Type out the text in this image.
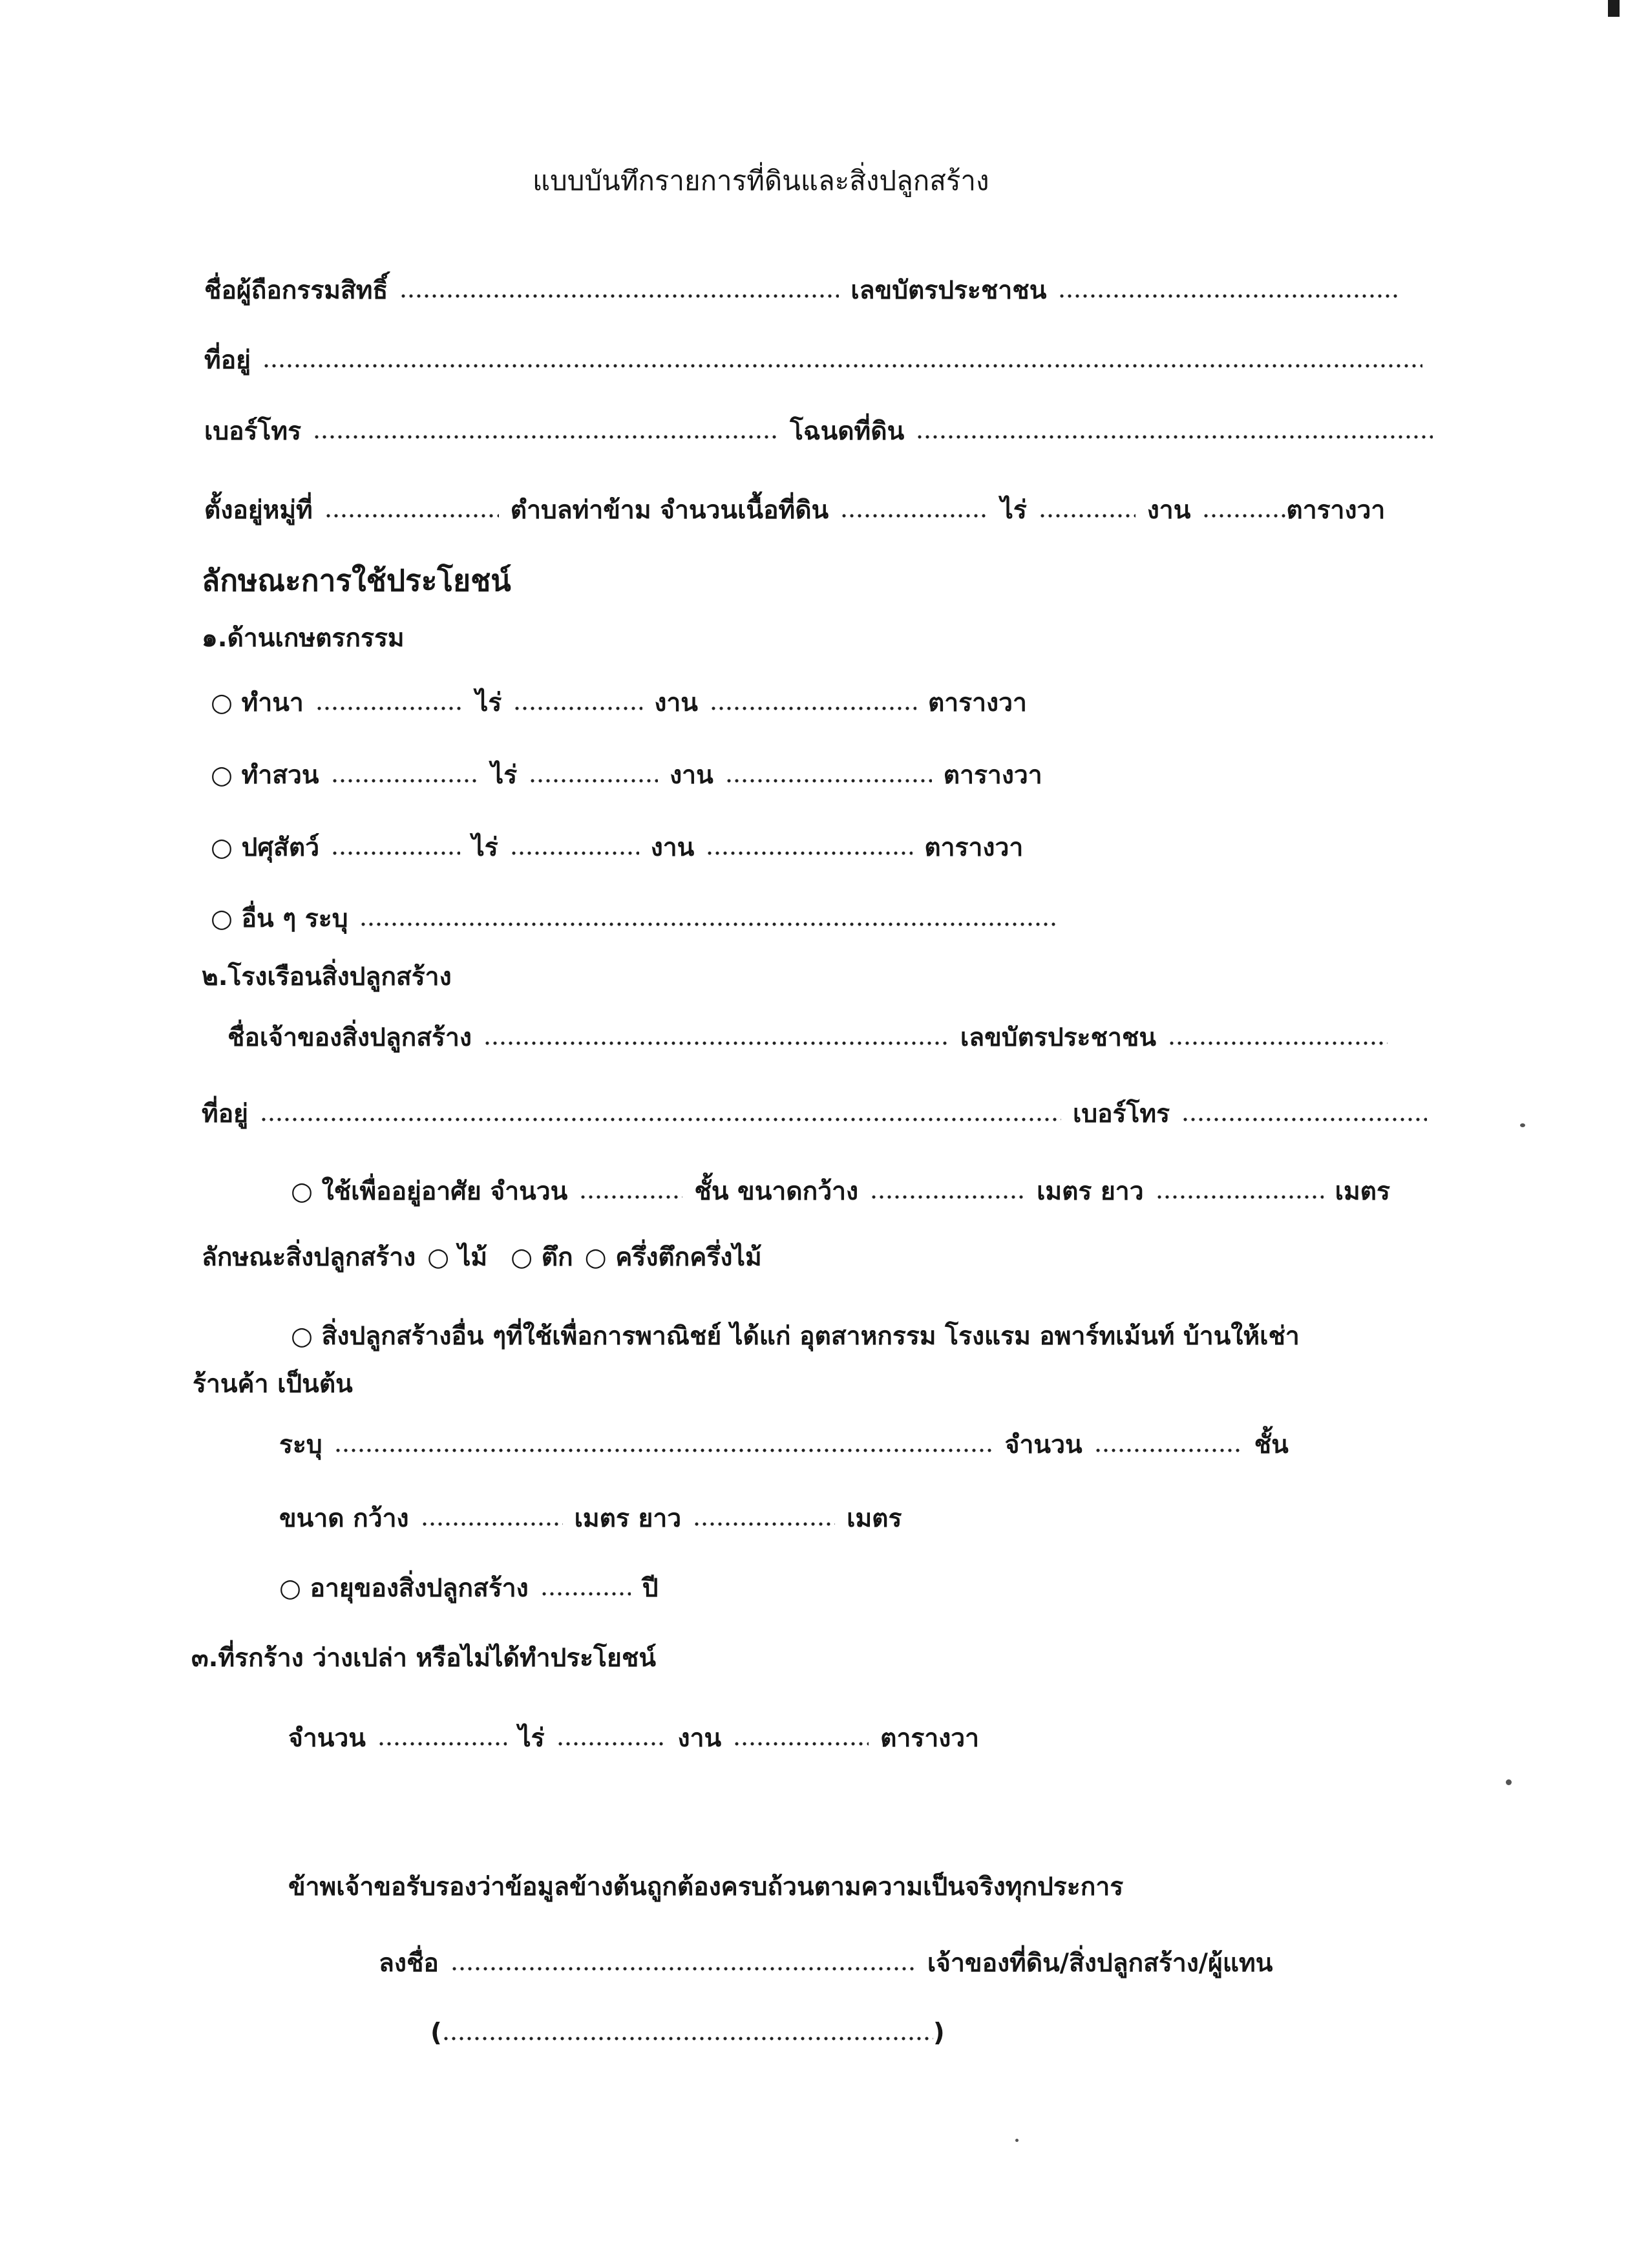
แบบบันทึกรายการที่ดินและสิ่งปลูกสร้าง
ชื่อผู้ถือกรรมสิทธิ์	เลขบัตรประชาชน
ที่อยู่
เบอร์โทร	โฉนดที่ดิน
ตั้งอยู่หมู่ที่	ตำบลท่าข้าม จำนวนเนื้อที่ดิน	ไร่	งาน	ตารางวา
ลักษณะการใช้ประโยชน์
๑.ด้านเกษตรกรรม
○ ทำนา	ไร่	งาน	ตารางวา
○ ทำสวน	ไร่	งาน	ตารางวา
○ ปศุสัตว์	ไร่	งาน	ตารางวา
○ อื่น ๆ ระบุ
๒.โรงเรือนสิ่งปลูกสร้าง
ชื่อเจ้าของสิ่งปลูกสร้าง	เลขบัตรประชาชน
ที่อยู่	เบอร์โทร
○ ใช้เพื่ออยู่อาศัย จำนวน	ชั้น ขนาดกว้าง	เมตร ยาว	เมตร
ลักษณะสิ่งปลูกสร้าง ○ ไม้ ○ ตึก ○ ครึ่งตึกครึ่งไม้
○ สิ่งปลูกสร้างอื่น ๆที่ใช้เพื่อการพาณิชย์ ได้แก่ อุตสาหกรรม โรงแรม อพาร์ทเม้นท์ บ้านให้เช่า
ร้านค้า เป็นต้น
ระบุ	จำนวน	ชั้น
ขนาด กว้าง	เมตร ยาว	เมตร
○ อายุของสิ่งปลูกสร้าง	ปี
๓.ที่รกร้าง ว่างเปล่า หรือไม่ได้ทำประโยชน์
จำนวน	ไร่	งาน	ตารางวา
ข้าพเจ้าขอรับรองว่าข้อมูลข้างต้นถูกต้องครบถ้วนตามความเป็นจริงทุกประการ
ลงชื่อ	เจ้าของที่ดิน/สิ่งปลูกสร้าง/ผู้แทน
(	)
